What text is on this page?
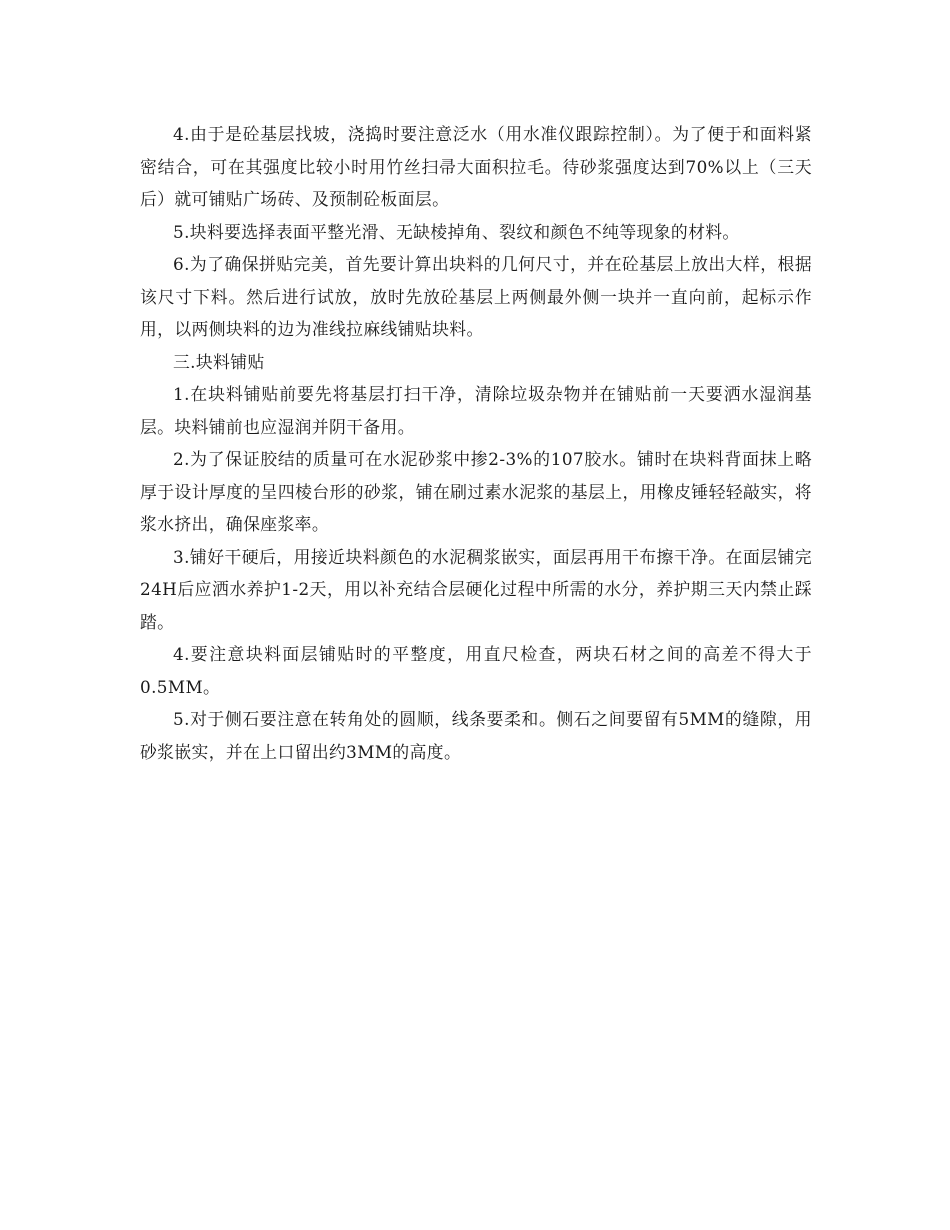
4.由于是砼基层找坡，浇捣时要注意泛水（用水准仪跟踪控制）。为了便于和面料紧密结合，可在其强度比较小时用竹丝扫帚大面积拉毛。待砂浆强度达到70%以上（三天后）就可铺贴广场砖、及预制砼板面层。

5.块料要选择表面平整光滑、无缺棱掉角、裂纹和颜色不纯等现象的材料。

6.为了确保拼贴完美，首先要计算出块料的几何尺寸，并在砼基层上放出大样，根据该尺寸下料。然后进行试放，放时先放砼基层上两侧最外侧一块并一直向前，起标示作用，以两侧块料的边为准线拉麻线铺贴块料。

三.块料铺贴

1.在块料铺贴前要先将基层打扫干净，清除垃圾杂物并在铺贴前一天要洒水湿润基层。块料铺前也应湿润并阴干备用。

2.为了保证胶结的质量可在水泥砂浆中掺2-3%的107胶水。铺时在块料背面抹上略厚于设计厚度的呈四棱台形的砂浆，铺在刷过素水泥浆的基层上，用橡皮锤轻轻敲实，将浆水挤出，确保座浆率。

3.铺好干硬后，用接近块料颜色的水泥稠浆嵌实，面层再用干布擦干净。在面层铺完24H后应洒水养护1-2天，用以补充结合层硬化过程中所需的水分，养护期三天内禁止踩踏。

4.要注意块料面层铺贴时的平整度，用直尺检查，两块石材之间的高差不得大于0.5MM。

5.对于侧石要注意在转角处的圆顺，线条要柔和。侧石之间要留有5MM的缝隙，用砂浆嵌实，并在上口留出约3MM的高度。
